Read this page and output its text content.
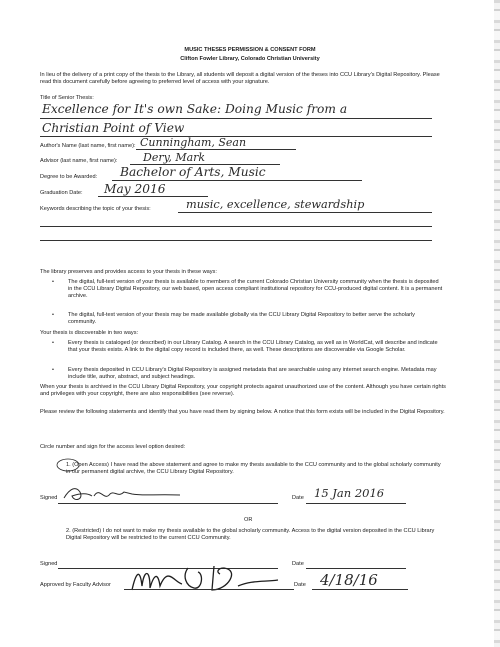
MUSIC THESES PERMISSION & CONSENT FORM
Clifton Fowler Library, Colorado Christian University
In lieu of the delivery of a print copy of the thesis to the Library, all students will deposit a digital version of the theses into CCU Library's Digital Repository. Please read this document carefully before agreeing to preferred level of access with your signature.
Title of Senior Thesis:
Excellence for It's own Sake: Doing Music from a
Christian Point of View
Author's Name (last name, first name): Cunningham, Sean
Advisor (last name, first name): Dery, Mark
Degree to be Awarded: Bachelor of Arts, Music
Graduation Date: May 2016
Keywords describing the topic of your thesis:	music, excellence, stewardship
The library preserves and provides access to your thesis in these ways:
•	The digital, full-text version of your thesis is available to members of the current Colorado Christian University community when the thesis is deposited in the CCU Library Digital Repository, our web based, open access compliant institutional repository for CCU-produced digital content. It is a permanent archive.
•	The digital, full-text version of your thesis may be made available globally via the CCU Library Digital Repository to better serve the scholarly community.
Your thesis is discoverable in two ways:
•	Every thesis is cataloged (or described) in our Library Catalog. A search in the CCU Library Catalog, as well as in WorldCat, will describe and indicate that your thesis exists. A link to the digital copy record is included there, as well. These descriptions are discoverable via Google Scholar.
•	Every thesis deposited in CCU Library's Digital Repository is assigned metadata that are searchable using any internet search engine. Metadata may include title, author, abstract, and subject headings.
When your thesis is archived in the CCU Library Digital Repository, your copyright protects against unauthorized use of the content. Although you have certain rights and privileges with your copyright, there are also responsibilities (see reverse).
Please review the following statements and identify that you have read them by signing below. A notice that this form exists will be included in the Digital Repository.
Circle number and sign for the access level option desired:
1. (Open Access) I have read the above statement and agree to make my thesis available to the CCU community and to the global scholarly community in our permanent digital archive, the CCU Library Digital Repository.
Signed	Date 15 Jan 2016
OR
2. (Restricted) I do not want to make my thesis available to the global scholarly community. Access to the digital version deposited in the CCU Library Digital Repository will be restricted to the current CCU Community.
Signed	Date
Approved by Faculty Advisor	Date 4/18/16
